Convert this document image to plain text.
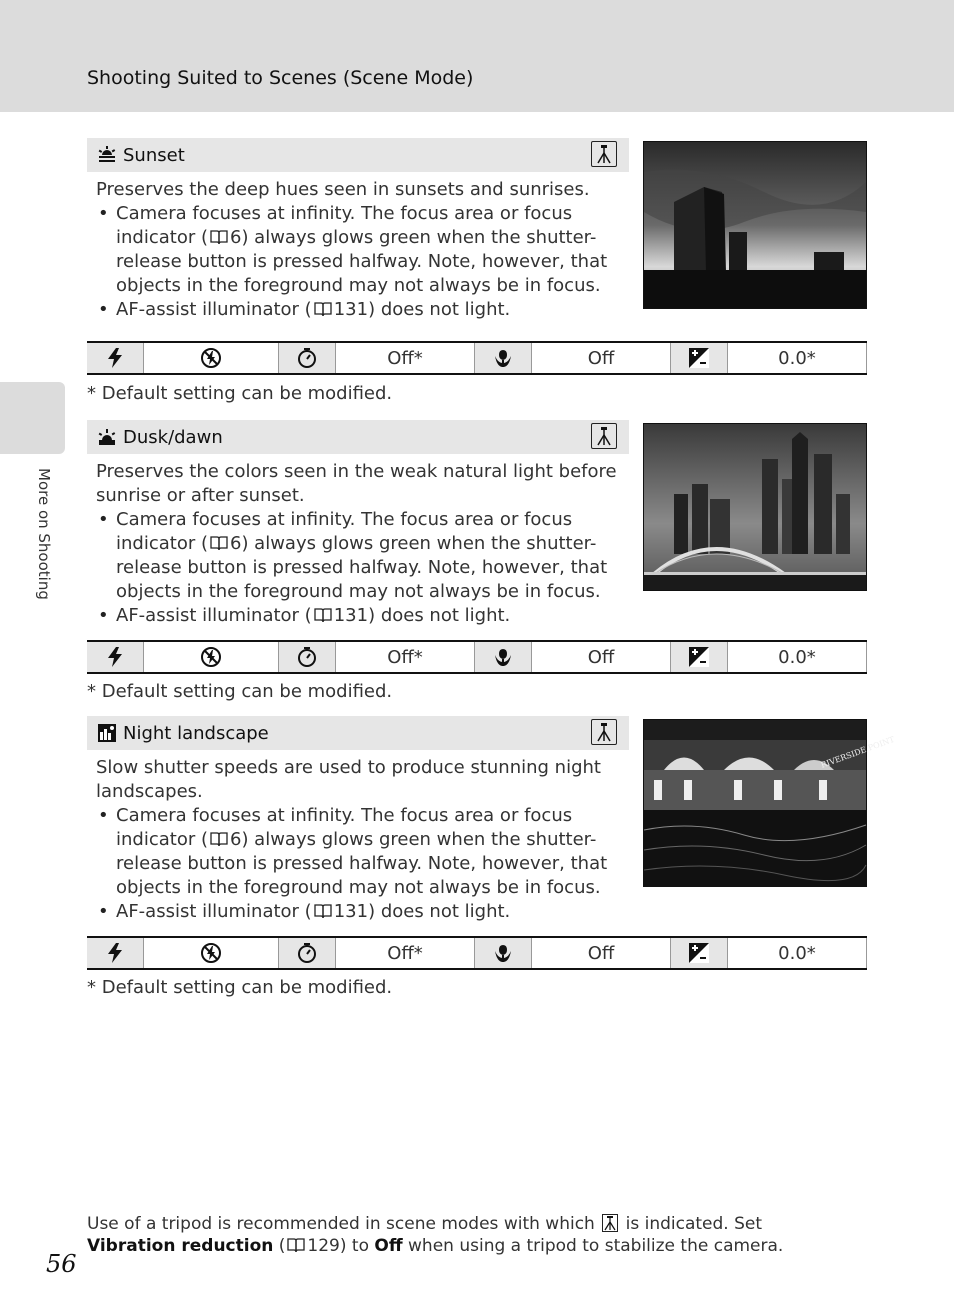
Shooting Suited to Scenes (Scene Mode)
More on Shooting
Sunset

Preserves the deep hues seen in sunsets and sunrises.

• Camera focuses at infinity. The focus area or focus indicator ( 6) always glows green when the shutter-release button is pressed halfway. Note, however, that objects in the foreground may not always be in focus.
• AF-assist illuminator ( 131) does not light.
Off*	Off	0.0*
* Default setting can be modified.
Dusk/dawn

Preserves the colors seen in the weak natural light before sunrise or after sunset.

• Camera focuses at infinity. The focus area or focus indicator ( 6) always glows green when the shutter-release button is pressed halfway. Note, however, that objects in the foreground may not always be in focus.
• AF-assist illuminator ( 131) does not light.
Off*	Off	0.0*
* Default setting can be modified.
Night landscape

Slow shutter speeds are used to produce stunning night landscapes.

• Camera focuses at infinity. The focus area or focus indicator ( 6) always glows green when the shutter-release button is pressed halfway. Note, however, that objects in the foreground may not always be in focus.
• AF-assist illuminator ( 131) does not light.
RIVERSIDE POINT
Off*	Off	0.0*
* Default setting can be modified.
Use of a tripod is recommended in scene modes with which is indicated. Set Vibration reduction ( 129) to Off when using a tripod to stabilize the camera.
56
